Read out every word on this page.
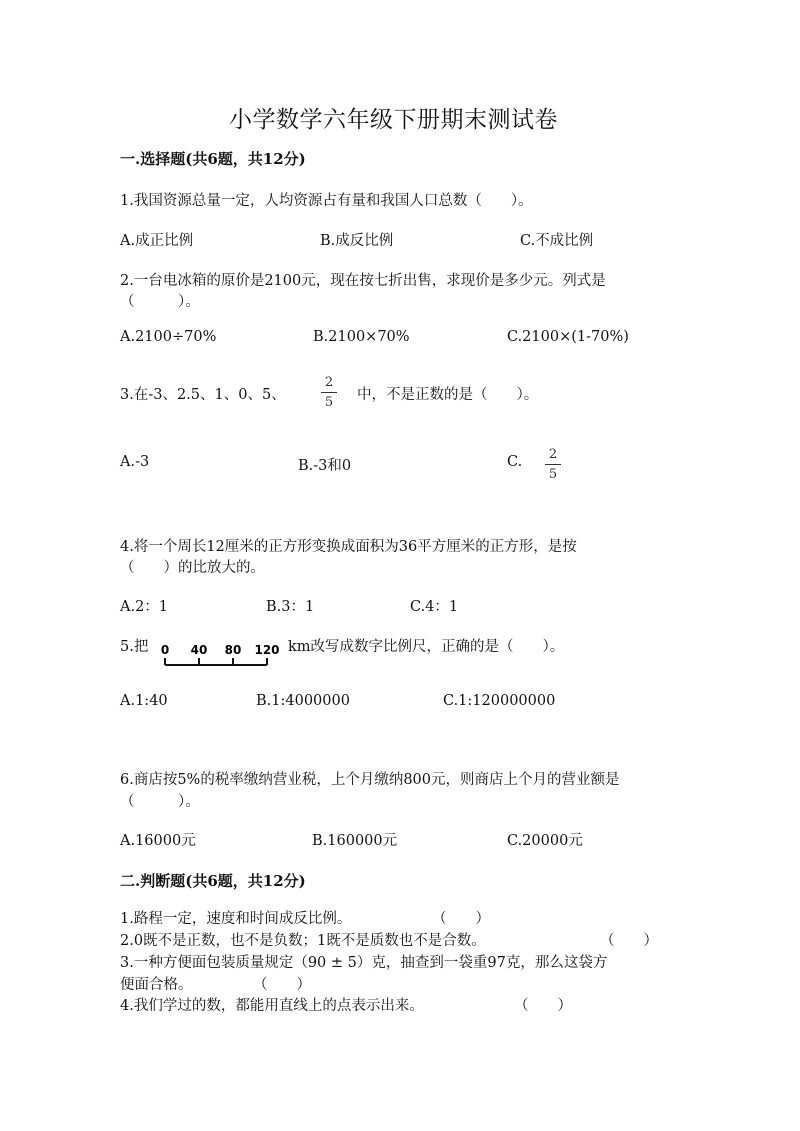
小学数学六年级下册期末测试卷
一.选择题(共6题，共12分)
1.我国资源总量一定，人均资源占有量和我国人口总数（　　）。
A.成正比例	B.成反比例	C.不成比例
2.一台电冰箱的原价是2100元，现在按七折出售，求现价是多少元。列式是
（　　　）。
A.2100÷70%	B.2100×70%	C.2100×(1-70%)
3.在-3、2.5、1、0、5、	$\frac{2}{5}$ 中，不是正数的是（　　）。
A.-3	B.-3和0	C. $\frac{2}{5}$
4.将一个周长12厘米的正方形变换成面积为36平方厘米的正方形，是按
（　　）的比放大的。
A.2：1	B.3：1	C.4：1
5.把 0 40 80 120 km改写成数字比例尺，正确的是（　　）。
A.1:40	B.1:4000000	C.1:120000000
6.商店按5%的税率缴纳营业税，上个月缴纳800元，则商店上个月的营业额是
（　　　）。
A.16000元	B.160000元	C.20000元
二.判断题(共6题，共12分)
1.路程一定，速度和时间成反比例。	（　　）
2.0既不是正数，也不是负数；1既不是质数也不是合数。	（　　）
3.一种方便面包装质量规定（90 ± 5）克，抽查到一袋重97克，那么这袋方
便面合格。	（　　）
4.我们学过的数，都能用直线上的点表示出来。	（　　）
